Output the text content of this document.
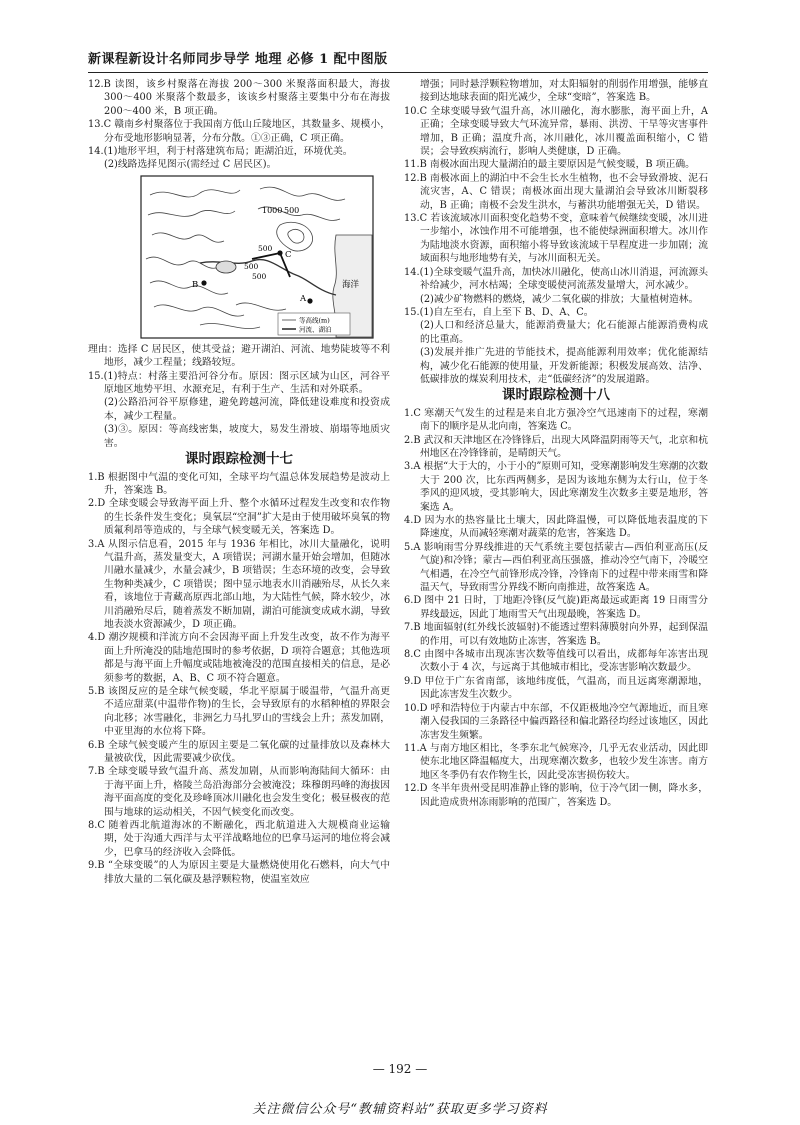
新课程新设计名师同步导学 地理 必修 1 配中图版

12.B 读图，该乡村聚落在海拔 200～300 米聚落面积最大，海拔 300～400 米聚落个数最多，该该乡村聚落主要集中分布在海拔 200～400 米，B 项正确。

13.C 赣南乡村聚落位于我国南方低山丘陵地区，其数量多、规模小，分布受地形影响显著，分布分散。①③正确，C 项正确。

14.(1)地形平坦，利于村落建筑布局；距湖泊近，环境优美。

(2)线路选择见图示(需经过 C 居民区)。

1000 500
500
500
500
C
B
A
海洋
等高线(m)
河流、湖泊

理由：选择 C 居民区，使其受益；避开湖泊、河流、地势陡坡等不利地形，减少工程量；线路较短。

15.(1)特点：村落主要沿河谷分布。原因：图示区域为山区，河谷平原地区地势平坦、水源充足，有利于生产、生活和对外联系。

(2)公路沿河谷平原修建，避免跨越河流，降低建设难度和投资成本，减少工程量。

(3)③。原因：等高线密集，坡度大，易发生滑坡、崩塌等地质灾害。

课时跟踪检测十七

1.B 根据图中气温的变化可知，全球平均气温总体发展趋势是波动上升，答案选 B。

2.D 全球变暖会导致海平面上升、整个水循环过程发生改变和农作物的生长条件发生变化；臭氧层“空洞”扩大是由于使用破坏臭氧的物质氟利昂等造成的，与全球气候变暖无关，答案选 D。

3.A 从图示信息看，2015 年与 1936 年相比，冰川大量融化，说明气温升高，蒸发量变大，A 项错误；河湖水量开始会增加，但随冰川融水量减少，水量会减少，B 项错误；生态环境的改变，会导致生物种类减少，C 项错误；图中显示地表水川消融殆尽，从长久来看，该地位于青藏高原西北部山地，为大陆性气候，降水较少，冰川消融殆尽后，随着蒸发不断加剧，湖泊可能演变成咸水湖，导致地表淡水资源减少，D 项正确。

4.D 潮汐规模和洋流方向不会因海平面上升发生改变，故不作为海平面上升所淹没的陆地范围时的参考依据，D 项符合题意；其他选项都是与海平面上升幅度或陆地被淹没的范围直接相关的信息，是必须参考的数据，A、B、C 项不符合题意。

5.B 该图反应的是全球气候变暖，华北平原属于暖温带，气温升高更不适应甜菜(中温带作物)的生长，会导致原有的水稻种植的界限会向北移；冰雪融化，非洲乞力马扎罗山的雪线会上升；蒸发加剧，中亚里海的水位将下降。

6.B 全球气候变暖产生的原因主要是二氧化碳的过量排放以及森林大量被砍伐，因此需要减少砍伐。

7.B 全球变暖导致气温升高、蒸发加剧，从而影响海陆间大循环：由于海平面上升，格陵兰岛沿海部分会被淹没；珠穆朗玛峰的海拔因海平面高度的变化及珍峰顶冰川融化也会发生变化；极昼极夜的范围与地球的运动相关，不因气候变化而改变。

8.C 随着西北航道海冰的不断融化，西北航道进入大规模商业运输期，处于沟通大西洋与太平洋战略地位的巴拿马运河的地位将会减少，巴拿马的经济收入会降低。

9.B “全球变暖”的人为原因主要是大量燃烧使用化石燃料，向大气中排放大量的二氧化碳及悬浮颗粒物，使温室效应

增强；同时悬浮颗粒物增加，对太阳辐射的削弱作用增强，能够直接到达地球表面的阳光减少，全球“变暗”，答案选 B。

10.C 全球变暖导致气温升高，冰川融化，海水膨胀，海平面上升，A 正确；全球变暖导致大气环流异常，暴雨、洪涝、干旱等灾害事件增加，B 正确；温度升高，冰川融化，冰川覆盖面积缩小，C 错误；会导致疾病流行，影响人类健康，D 正确。

11.B 南极冰面出现大量湖泊的最主要原因是气候变暖，B 项正确。

12.B 南极冰面上的湖泊中不会生长水生植物，也不会导致滑坡、泥石流灾害，A、C 错误；南极冰面出现大量湖泊会导致冰川断裂移动，B 正确；南极不会发生洪水，与蓄洪功能增强无关，D 错误。

13.C 若该流域冰川面积变化趋势不变，意味着气候继续变暖，冰川进一步缩小，冰蚀作用不可能增强，也不能使绿洲面积增大。冰川作为陆地淡水资源，面积缩小将导致该流域干旱程度进一步加剧；流域面积与地形地势有关，与冰川面积无关。

14.(1)全球变暖气温升高，加快冰川融化，使高山冰川消退，河流源头补给减少，河水枯竭；全球变暖使河流蒸发量增大，河水减少。

(2)减少矿物燃料的燃烧，减少二氧化碳的排放；大量植树造林。

15.(1)自左至右，自上至下 B、D、A、C。

(2)人口和经济总量大，能源消费量大；化石能源占能源消费构成的比重高。

(3)发展并推广先进的节能技术，提高能源利用效率；优化能源结构，减少化石能源的使用量，开发新能源；积极发展高效、洁净、低碳排放的煤炭利用技术，走“低碳经济”的发展道路。

课时跟踪检测十八

1.C 寒潮天气发生的过程是来自北方强冷空气迅速南下的过程，寒潮南下的顺序是从北向南，答案选 C。

2.B 武汉和天津地区在冷锋锋后，出现大风降温阴雨等天气，北京和杭州地区在冷锋锋前，是晴朗天气。

3.A 根据“大于大的，小于小的”原则可知，受寒潮影响发生寒潮的次数大于 200 次，比东西两侧多，是因为该地东侧为太行山，位于冬季风的迎风坡，受其影响大，因此寒潮发生次数多主要是地形，答案选 A。

4.D 因为水的热容量比土壤大，因此降温慢，可以降低地表温度的下降速度，从而减轻寒潮对蔬菜的危害，答案选 D。

5.A 影响雨雪分界线推进的天气系统主要包括蒙古—西伯利亚高压(反气旋)和冷锋；蒙古—西伯利亚高压强盛，推动冷空气南下，冷暖空气相遇，在冷空气前锋形成冷锋，冷锋南下的过程中带来雨雪和降温天气，导致雨雪分界线不断向南推进，故答案选 A。

6.D 图中 21 日时，丁地距冷锋(反气旋)距离最远或距离 19 日雨雪分界线最远，因此丁地雨雪天气出现最晚，答案选 D。

7.B 地面辐射(红外线长波辐射)不能透过塑料薄膜射向外界，起到保温的作用，可以有效地防止冻害，答案选 B。

8.C 由图中各城市出现冻害次数等值线可以看出，成都每年冻害出现次数小于 4 次，与远离于其他城市相比，受冻害影响次数最少。

9.D 甲位于广东省南部，该地纬度低，气温高，而且远离寒潮源地，因此冻害发生次数少。

10.D 呼和浩特位于内蒙古中东部，不仅距极地冷空气源地近，而且寒潮入侵我国的三条路径中偏西路径和偏北路径均经过该地区，因此冻害发生频繁。

11.A 与南方地区相比，冬季东北气候寒冷，几乎无农业活动，因此即使东北地区降温幅度大，出现寒潮次数多，也较少发生冻害。南方地区冬季仍有农作物生长，因此受冻害损伤较大。

12.D 冬半年贵州受昆明准静止锋的影响，位于冷气团一侧，降水多，因此造成贵州冻雨影响的范围广，答案选 D。

— 192 —
关注微信公众号“教辅资料站”获取更多学习资料
